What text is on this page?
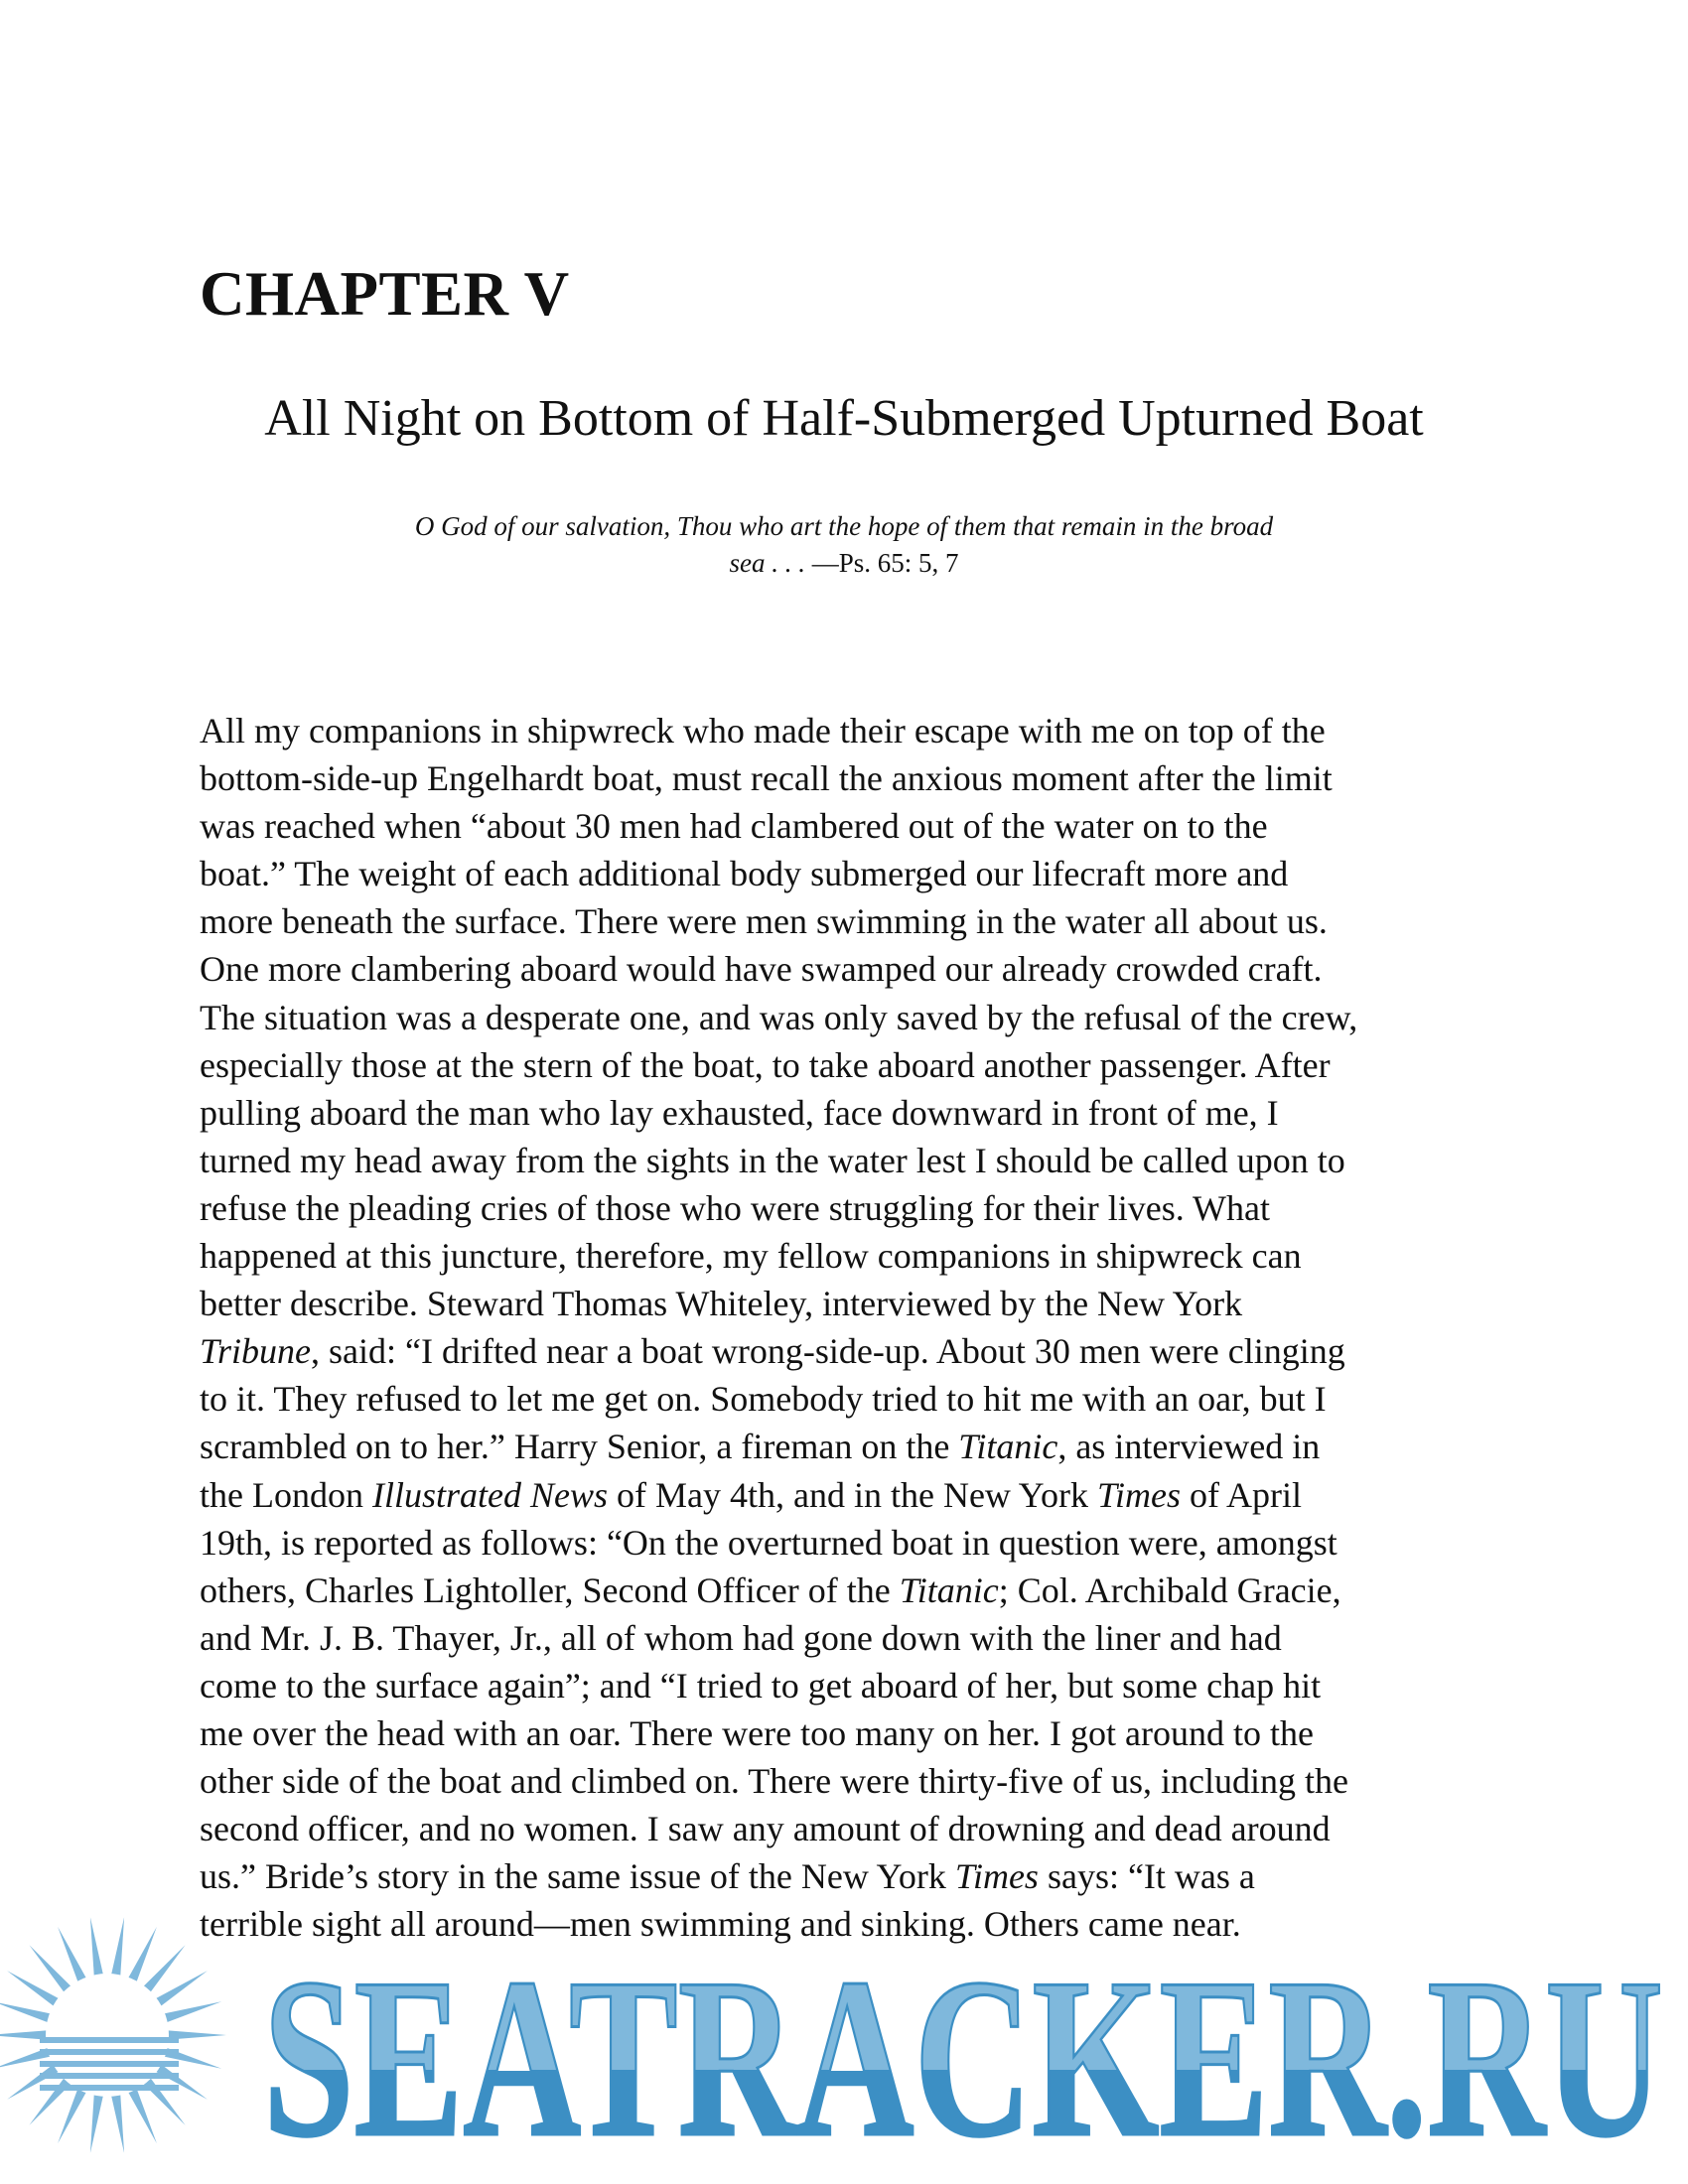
CHAPTER V
All Night on Bottom of Half-Submerged Upturned Boat
O God of our salvation, Thou who art the hope of them that remain in the broad
sea . . . —Ps. 65: 5, 7
All my companions in shipwreck who made their escape with me on top of the
bottom-side-up Engelhardt boat, must recall the anxious moment after the limit
was reached when “about 30 men had clambered out of the water on to the
boat.” The weight of each additional body submerged our lifecraft more and
more beneath the surface. There were men swimming in the water all about us.
One more clambering aboard would have swamped our already crowded craft.
The situation was a desperate one, and was only saved by the refusal of the crew,
especially those at the stern of the boat, to take aboard another passenger. After
pulling aboard the man who lay exhausted, face downward in front of me, I
turned my head away from the sights in the water lest I should be called upon to
refuse the pleading cries of those who were struggling for their lives. What
happened at this juncture, therefore, my fellow companions in shipwreck can
better describe. Steward Thomas Whiteley, interviewed by the New York
Tribune, said: “I drifted near a boat wrong-side-up. About 30 men were clinging
to it. They refused to let me get on. Somebody tried to hit me with an oar, but I
scrambled on to her.” Harry Senior, a fireman on the Titanic, as interviewed in
the London Illustrated News of May 4th, and in the New York Times of April
19th, is reported as follows: “On the overturned boat in question were, amongst
others, Charles Lightoller, Second Officer of the Titanic; Col. Archibald Gracie,
and Mr. J. B. Thayer, Jr., all of whom had gone down with the liner and had
come to the surface again”; and “I tried to get aboard of her, but some chap hit
me over the head with an oar. There were too many on her. I got around to the
other side of the boat and climbed on. There were thirty-five of us, including the
second officer, and no women. I saw any amount of drowning and dead around
us.” Bride’s story in the same issue of the New York Times says: “It was a
terrible sight all around—men swimming and sinking. Others came near.
SEATRACKER.RU
